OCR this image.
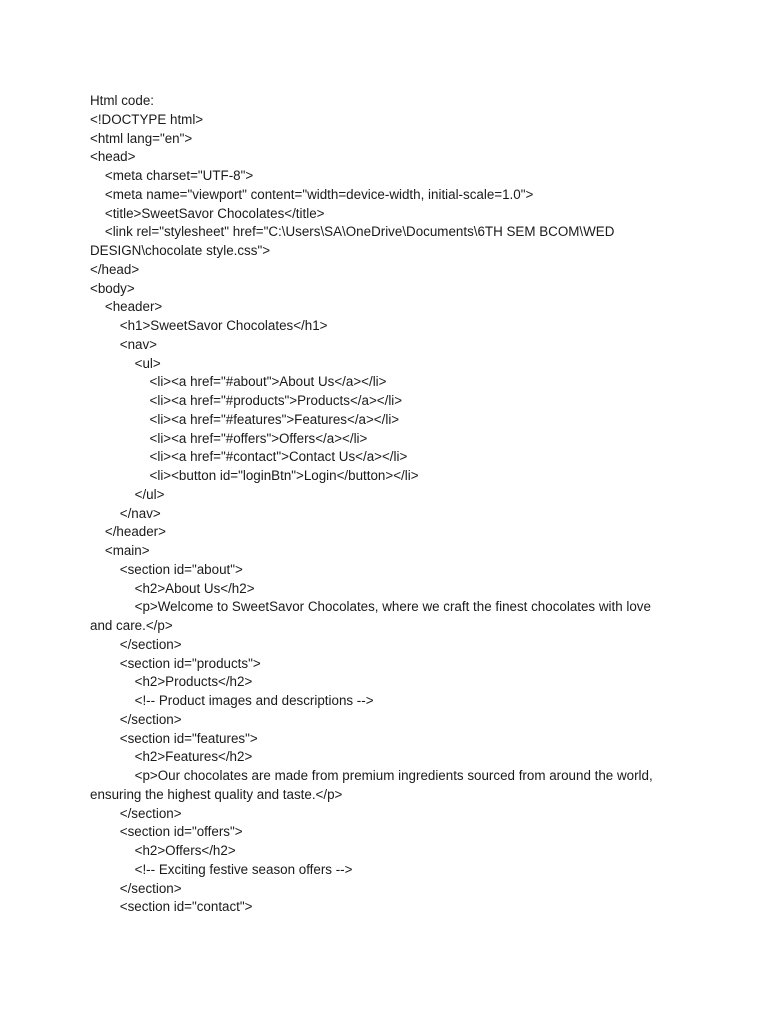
Html code:
<!DOCTYPE html>
<html lang="en">
<head>
<meta charset="UTF-8">
<meta name="viewport" content="width=device-width, initial-scale=1.0">
<title>SweetSavor Chocolates</title>
<link rel="stylesheet" href="C:\Users\SA\OneDrive\Documents\6TH SEM BCOM\WED
DESIGN\chocolate style.css">
</head>
<body>
<header>
<h1>SweetSavor Chocolates</h1>
<nav>
<ul>
<li><a href="#about">About Us</a></li>
<li><a href="#products">Products</a></li>
<li><a href="#features">Features</a></li>
<li><a href="#offers">Offers</a></li>
<li><a href="#contact">Contact Us</a></li>
<li><button id="loginBtn">Login</button></li>
</ul>
</nav>
</header>
<main>
<section id="about">
<h2>About Us</h2>
<p>Welcome to SweetSavor Chocolates, where we craft the finest chocolates with love
and care.</p>
</section>
<section id="products">
<h2>Products</h2>
<!-- Product images and descriptions -->
</section>
<section id="features">
<h2>Features</h2>
<p>Our chocolates are made from premium ingredients sourced from around the world,
ensuring the highest quality and taste.</p>
</section>
<section id="offers">
<h2>Offers</h2>
<!-- Exciting festive season offers -->
</section>
<section id="contact">
